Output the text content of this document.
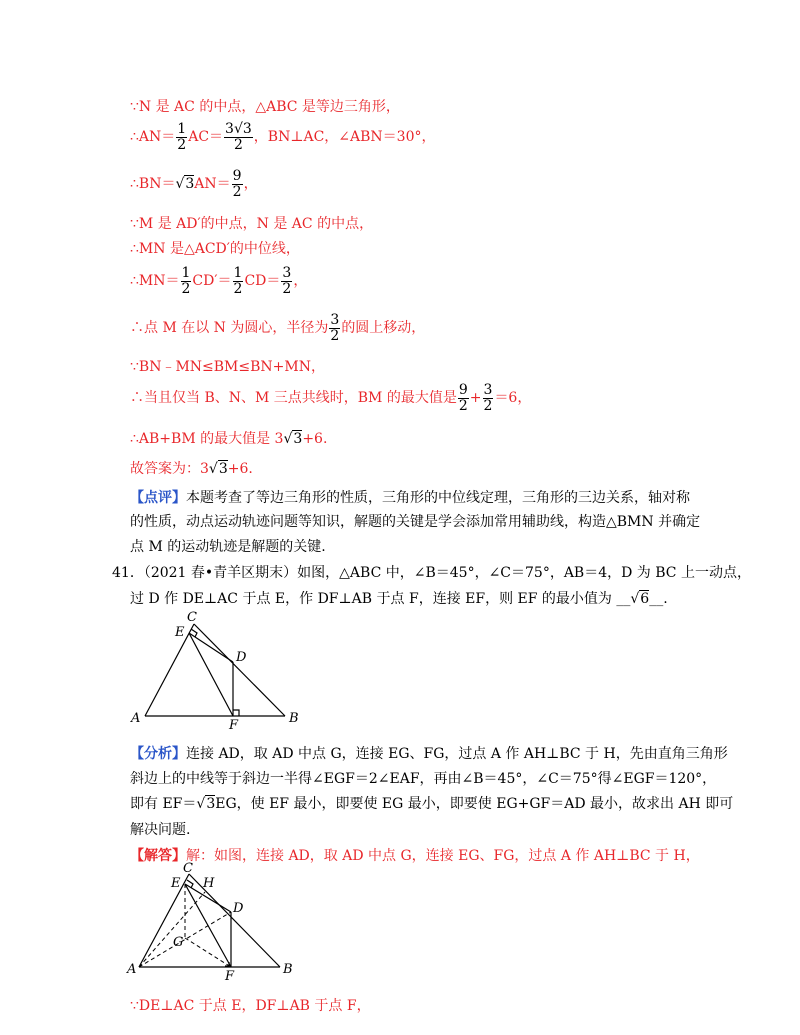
∵N 是 AC 的中点，△ABC 是等边三角形，
∴AN＝ $\frac{1}{2} AC= \frac{3√3}{2}$ ，BN⊥AC，∠ABN＝30°，
∴BN＝√3AN＝ $\frac{9}{2}$ ，
∵M 是 AD′的中点，N 是 AC 的中点，
∴MN 是△ACD′的中位线，
∴MN＝ $\frac{1}{2} CD'= \frac{1}{2} CD= \frac{3}{2}$ ，
∴点 M 在以 N 为圆心，半径为 $\frac{3}{2}$ 的圆上移动，
∵BN﹣MN≤BM≤BN+MN，
∴当且仅当 B、N、M 三点共线时，BM 的最大值是 $\frac{9}{2} + \frac{3}{2} =6$，
∴AB+BM 的最大值是 3√3+6.
故答案为：3√3+6.
【点评】本题考查了等边三角形的性质，三角形的中位线定理，三角形的三边关系，轴对称
的性质，动点运动轨迹问题等知识，解题的关键是学会添加常用辅助线，构造△BMN 并确定
点 M 的运动轨迹是解题的关键.
41．（2021 春•青羊区期末）如图，△ABC 中，∠B＝45°，∠C＝75°，AB＝4，D 为 BC 上一动点，
过 D 作 DE⊥AC 于点 E，作 DF⊥AB 于点 F，连接 EF，则 EF 的最小值为 __√6__.
C
E
D
A	F	B
【分析】连接 AD，取 AD 中点 G，连接 EG、FG，过点 A 作 AH⊥BC 于 H，先由直角三角形
斜边上的中线等于斜边一半得∠EGF＝2∠EAF，再由∠B＝45°，∠C＝75°得∠EGF＝120°，
即有 EF＝√3EG，使 EF 最小，即要使 EG 最小，即要使 EG+GF＝AD 最小，故求出 AH 即可
解决问题.
【解答】解：如图，连接 AD，取 AD 中点 G，连接 EG、FG，过点 A 作 AH⊥BC 于 H，
C
E H
D
G
A	F	B
∵DE⊥AC 于点 E，DF⊥AB 于点 F，
